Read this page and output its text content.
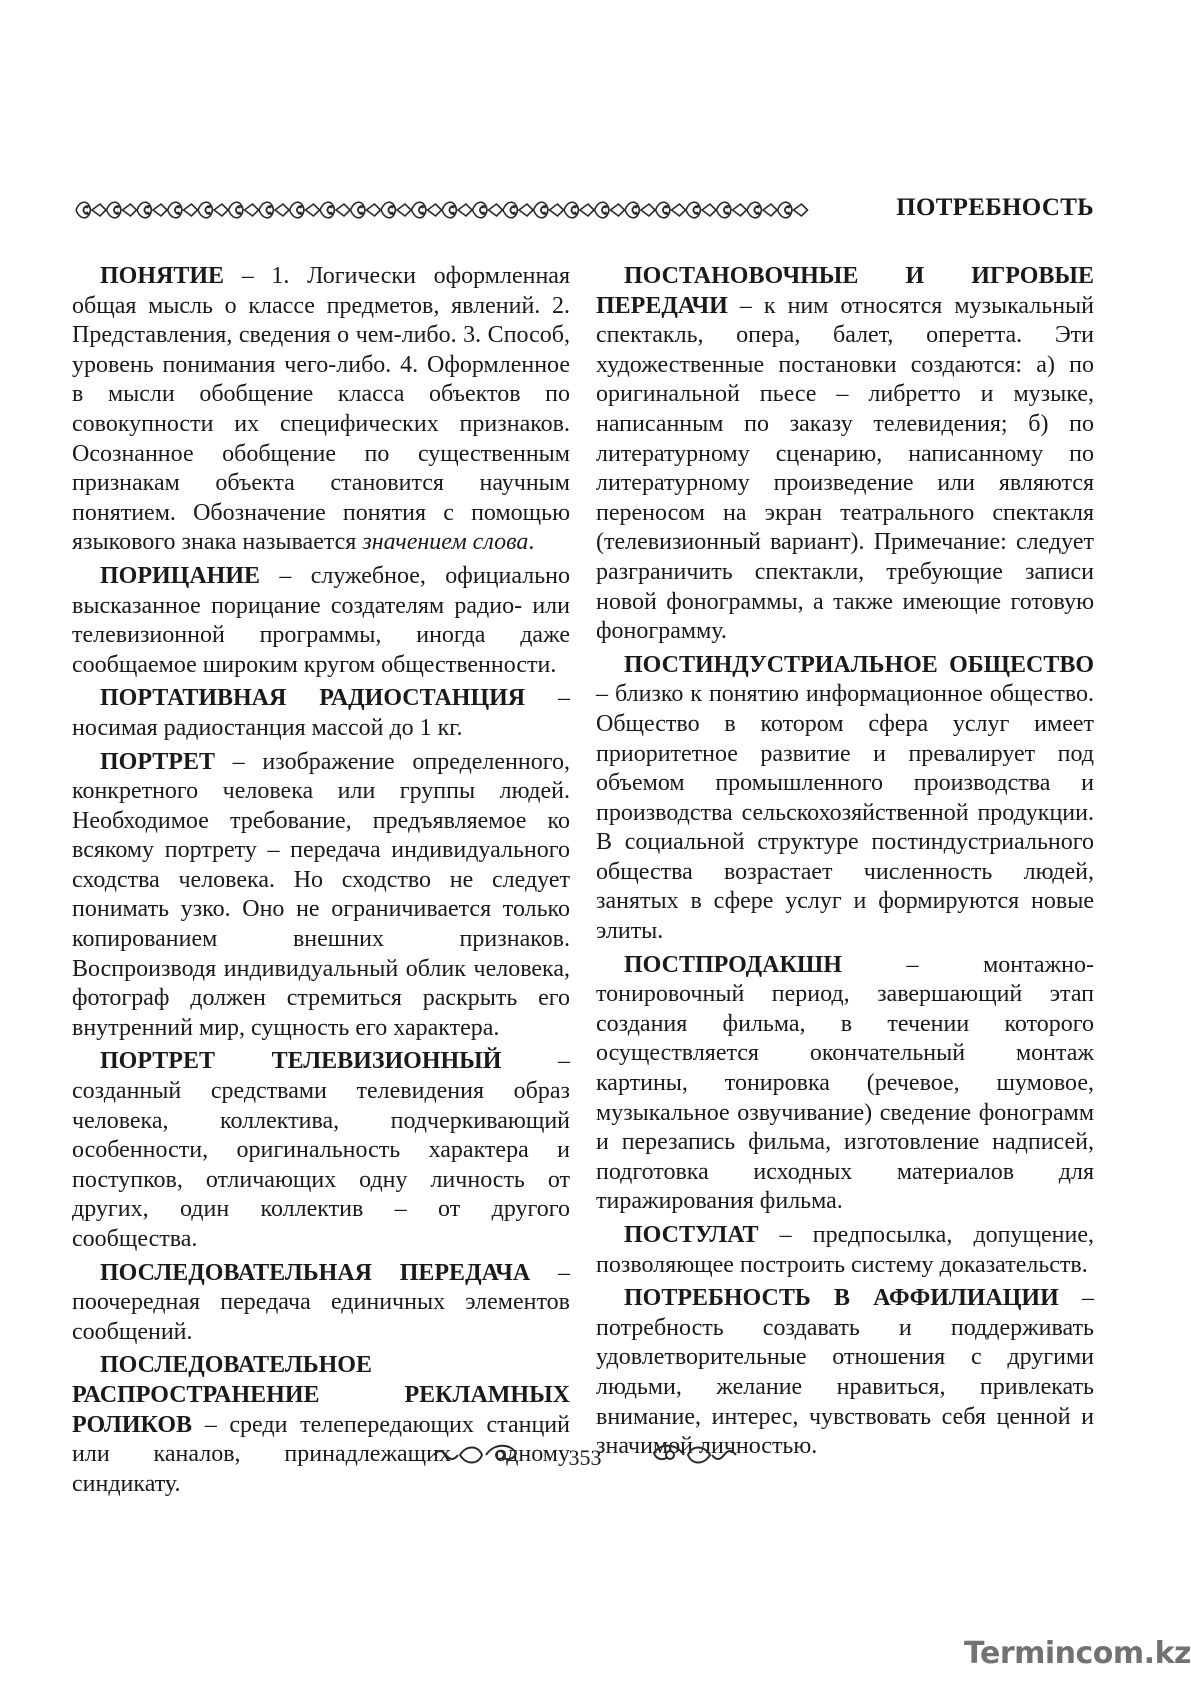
ПОТРЕБНОСТЬ

ПОНЯТИЕ – 1. Логически оформленная общая мысль о классе предметов, явлений. 2. Представления, сведения о чем-либо. 3. Способ, уровень понимания чего-либо. 4. Оформленное в мысли обобщение класса объектов по совокупности их специфических признаков. Осознанное обобщение по существенным признакам объекта становится научным понятием. Обозначение понятия с помощью языкового знака называется значением слова.

ПОРИЦАНИЕ – служебное, официально высказанное порицание создателям радио- или телевизионной программы, иногда даже сообщаемое широким кругом общественности.

ПОРТАТИВНАЯ РАДИОСТАНЦИЯ – носимая радиостанция массой до 1 кг.

ПОРТРЕТ – изображение определенного, конкретного человека или группы людей. Необходимое требование, предъявляемое ко всякому портрету – передача индивидуального сходства человека. Но сходство не следует понимать узко. Оно не ограничивается только копированием внешних признаков. Воспроизводя индивидуальный облик человека, фотограф должен стремиться раскрыть его внутренний мир, сущность его характера.

ПОРТРЕТ ТЕЛЕВИЗИОННЫЙ – созданный средствами телевидения образ человека, коллектива, подчеркивающий особенности, оригинальность характера и поступков, отличающих одну личность от других, один коллектив – от другого сообщества.

ПОСЛЕДОВАТЕЛЬНАЯ ПЕРЕДАЧА – поочередная передача единичных элементов сообщений.

ПОСЛЕДОВАТЕЛЬНОЕ РАСПРОСТРАНЕНИЕ РЕКЛАМНЫХ РОЛИКОВ – среди телепередающих станций или каналов, принадлежащих одному синдикату.

ПОСТАНОВОЧНЫЕ И ИГРОВЫЕ ПЕРЕДАЧИ – к ним относятся музыкальный спектакль, опера, балет, оперетта. Эти художественные постановки создаются: а) по оригинальной пьесе – либретто и музыке, написанным по заказу телевидения; б) по литературному сценарию, написанному по литературному произведение или являются переносом на экран театрального спектакля (телевизионный вариант). Примечание: следует разграничить спектакли, требующие записи новой фонограммы, а также имеющие готовую фонограмму.

ПОСТИНДУСТРИАЛЬНОЕ ОБЩЕСТВО – близко к понятию информационное общество. Общество в котором сфера услуг имеет приоритетное развитие и превалирует под объемом промышленного производства и производства сельскохозяйственной продукции. В социальной структуре постиндустриального общества возрастает численность людей, занятых в сфере услуг и формируются новые элиты.

ПОСТПРОДАКШН – монтажно-тонировочный период, завершающий этап создания фильма, в течении которого осуществляется окончательный монтаж картины, тонировка (речевое, шумовое, музыкальное озвучивание) сведение фонограмм и перезапись фильма, изготовление надписей, подготовка исходных материалов для тиражирования фильма.

ПОСТУЛАТ – предпосылка, допущение, позволяющее построить систему доказательств.

ПОТРЕБНОСТЬ В АФФИЛИАЦИИ – потребность создавать и поддерживать удовлетворительные отношения с другими людьми, желание нравиться, привлекать внимание, интерес, чувствовать себя ценной и значимой личностью.

353
Termincom.kz
